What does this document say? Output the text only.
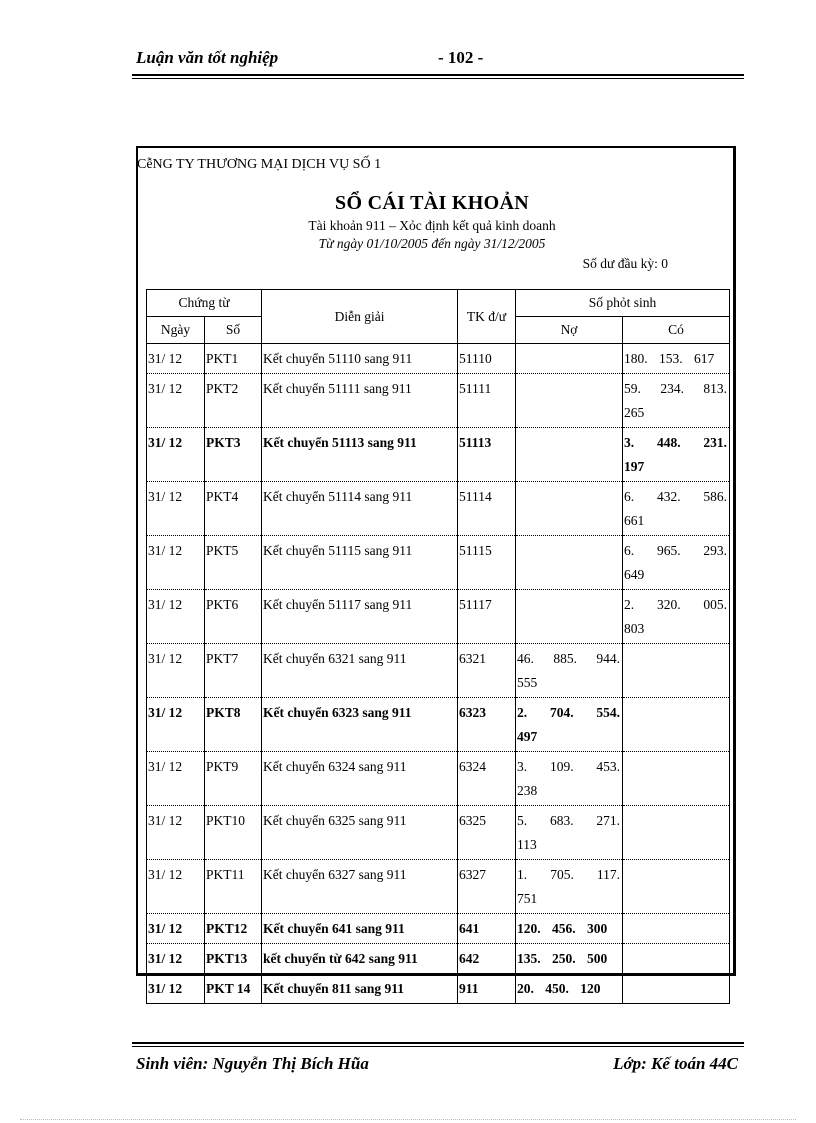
Luận văn tốt nghiệp	- 102 -
CễNG TY THƯƠNG MẠI DỊCH VỤ SỐ 1
SỔ CÁI TÀI KHOẢN
Tài khoản 911 – Xỏc định kết quả kinh doanh
Từ ngày 01/10/2005 đến ngày 31/12/2005
Số dư đầu kỳ: 0
Chứng từ		Diễn giải	TK đ/ư	Số phỏt sinh	
Ngày	Số			Nợ	Có
31/ 12	PKT1	Kết chuyển 51110 sang 911	51110		180. 153. 617
31/ 12	PKT2	Kết chuyển 51111 sang 911	51111		59. 234. 813. 265
31/ 12	PKT3	Kết chuyển 51113 sang 911	51113		3. 448. 231. 197
31/ 12	PKT4	Kết chuyển 51114 sang 911	51114		6. 432. 586. 661
31/ 12	PKT5	Kết chuyển 51115 sang 911	51115		6. 965. 293. 649
31/ 12	PKT6	Kết chuyển 51117 sang 911	51117		2. 320. 005. 803
31/ 12	PKT7	Kết chuyển 6321 sang 911	6321	46. 885. 944. 555	
31/ 12	PKT8	Kết chuyển 6323 sang 911	6323	2. 704. 554. 497	
31/ 12	PKT9	Kết chuyển 6324 sang 911	6324	3. 109. 453. 238	
31/ 12	PKT10	Kết chuyển 6325 sang 911	6325	5. 683. 271. 113	
31/ 12	PKT11	Kết chuyển 6327 sang 911	6327	1. 705. 117. 751	
31/ 12	PKT12	Kết chuyển 641 sang 911	641	120. 456. 300	
31/ 12	PKT13	kết chuyển từ 642 sang 911	642	135. 250. 500	
31/ 12	PKT 14	Kết chuyển 811 sang 911	911	20. 450. 120	
Sinh viên: Nguyễn Thị Bích Hũa	Lớp: Kế toán 44C
